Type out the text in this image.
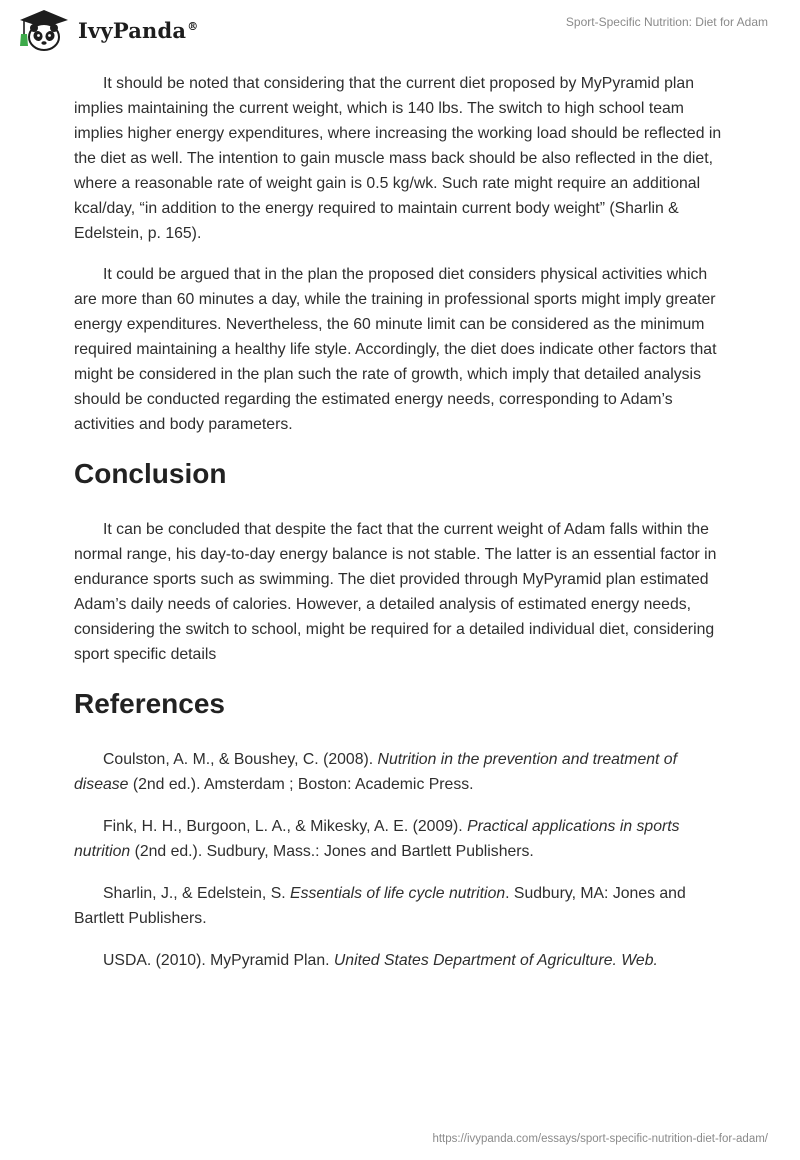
IvyPanda®	Sport-Specific Nutrition: Diet for Adam

It should be noted that considering that the current diet proposed by MyPyramid plan implies maintaining the current weight, which is 140 lbs. The switch to high school team implies higher energy expenditures, where increasing the working load should be reflected in the diet as well. The intention to gain muscle mass back should be also reflected in the diet, where a reasonable rate of weight gain is 0.5 kg/wk. Such rate might require an additional kcal/day, “in addition to the energy required to maintain current body weight” (Sharlin & Edelstein, p. 165).

It could be argued that in the plan the proposed diet considers physical activities which are more than 60 minutes a day, while the training in professional sports might imply greater energy expenditures. Nevertheless, the 60 minute limit can be considered as the minimum required maintaining a healthy life style. Accordingly, the diet does indicate other factors that might be considered in the plan such the rate of growth, which imply that detailed analysis should be conducted regarding the estimated energy needs, corresponding to Adam’s activities and body parameters.

Conclusion

It can be concluded that despite the fact that the current weight of Adam falls within the normal range, his day-to-day energy balance is not stable. The latter is an essential factor in endurance sports such as swimming. The diet provided through MyPyramid plan estimated Adam’s daily needs of calories. However, a detailed analysis of estimated energy needs, considering the switch to school, might be required for a detailed individual diet, considering sport specific details

References

Coulston, A. M., & Boushey, C. (2008). Nutrition in the prevention and treatment of disease (2nd ed.). Amsterdam ; Boston: Academic Press.

Fink, H. H., Burgoon, L. A., & Mikesky, A. E. (2009). Practical applications in sports nutrition (2nd ed.). Sudbury, Mass.: Jones and Bartlett Publishers.

Sharlin, J., & Edelstein, S. Essentials of life cycle nutrition. Sudbury, MA: Jones and Bartlett Publishers.

USDA. (2010). MyPyramid Plan. United States Department of Agriculture. Web.

https://ivypanda.com/essays/sport-specific-nutrition-diet-for-adam/
